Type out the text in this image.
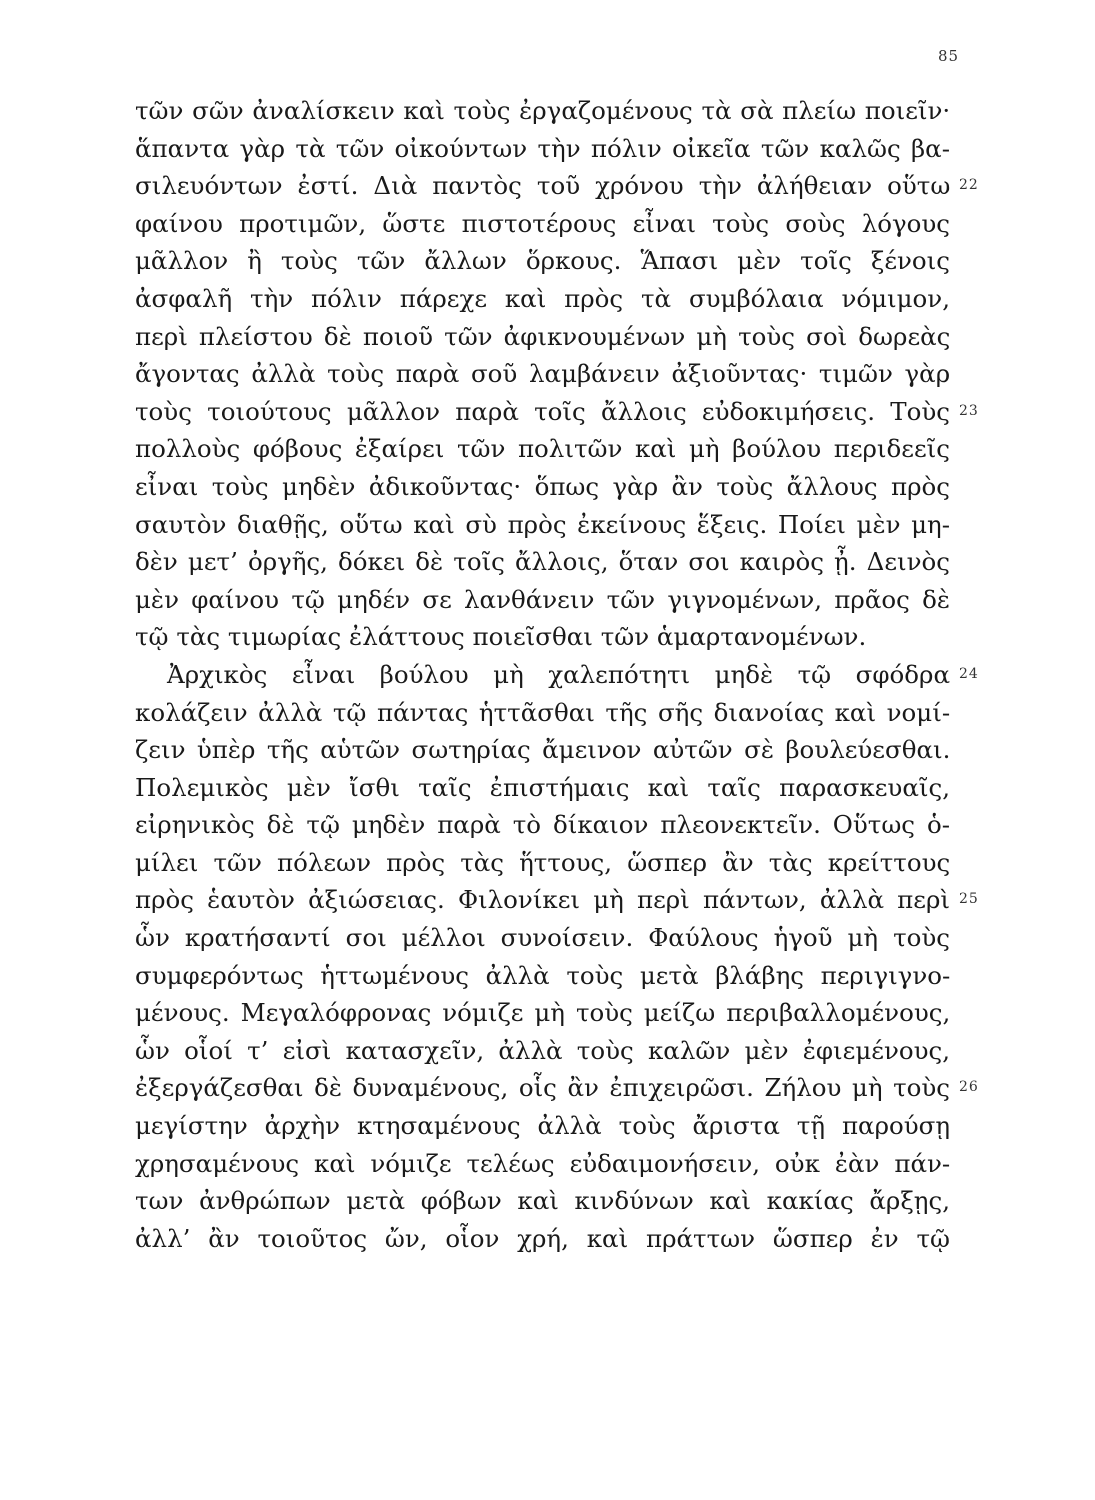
85
τῶν σῶν ἀναλίσκειν καὶ τοὺς ἐργαζομένους τὰ σὰ πλείω ποιεῖν·
ἅπαντα γὰρ τὰ τῶν οἰκούντων τὴν πόλιν οἰκεῖα τῶν καλῶς βα-
σιλευόντων ἐστί. Διὰ παντὸς τοῦ χρόνου τὴν ἀλήθειαν οὕτω 22
φαίνου προτιμῶν, ὥστε πιστοτέρους εἶναι τοὺς σοὺς λόγους
μᾶλλον ἢ τοὺς τῶν ἄλλων ὅρκους. Ἅπασι μὲν τοῖς ξένοις
ἀσφαλῆ τὴν πόλιν πάρεχε καὶ πρὸς τὰ συμβόλαια νόμιμον,
περὶ πλείστου δὲ ποιοῦ τῶν ἀφικνουμένων μὴ τοὺς σοὶ δωρεὰς
ἄγοντας ἀλλὰ τοὺς παρὰ σοῦ λαμβάνειν ἀξιοῦντας· τιμῶν γὰρ
τοὺς τοιούτους μᾶλλον παρὰ τοῖς ἄλλοις εὐδοκιμήσεις. Τοὺς 23
πολλοὺς φόβους ἐξαίρει τῶν πολιτῶν καὶ μὴ βούλου περιδεεῖς
εἶναι τοὺς μηδὲν ἀδικοῦντας· ὅπως γὰρ ἂν τοὺς ἄλλους πρὸς
σαυτὸν διαθῇς, οὕτω καὶ σὺ πρὸς ἐκείνους ἕξεις. Ποίει μὲν μη-
δὲν μετ’ ὀργῆς, δόκει δὲ τοῖς ἄλλοις, ὅταν σοι καιρὸς ᾖ. Δεινὸς
μὲν φαίνου τῷ μηδέν σε λανθάνειν τῶν γιγνομένων, πρᾶος δὲ
τῷ τὰς τιμωρίας ἐλάττους ποιεῖσθαι τῶν ἁμαρτανομένων.
Ἀρχικὸς εἶναι βούλου μὴ χαλεπότητι μηδὲ τῷ σφόδρα 24
κολάζειν ἀλλὰ τῷ πάντας ἡττᾶσθαι τῆς σῆς διανοίας καὶ νομί-
ζειν ὑπὲρ τῆς αὑτῶν σωτηρίας ἄμεινον αὐτῶν σὲ βουλεύεσθαι.
Πολεμικὸς μὲν ἴσθι ταῖς ἐπιστήμαις καὶ ταῖς παρασκευαῖς,
εἰρηνικὸς δὲ τῷ μηδὲν παρὰ τὸ δίκαιον πλεονεκτεῖν. Οὕτως ὁ-
μίλει τῶν πόλεων πρὸς τὰς ἥττους, ὥσπερ ἂν τὰς κρείττους
πρὸς ἑαυτὸν ἀξιώσειας. Φιλονίκει μὴ περὶ πάντων, ἀλλὰ περὶ 25
ὧν κρατήσαντί σοι μέλλοι συνοίσειν. Φαύλους ἡγοῦ μὴ τοὺς
συμφερόντως ἡττωμένους ἀλλὰ τοὺς μετὰ βλάβης περιγιγνο-
μένους. Μεγαλόφρονας νόμιζε μὴ τοὺς μείζω περιβαλλομένους,
ὧν οἷοί τ’ εἰσὶ κατασχεῖν, ἀλλὰ τοὺς καλῶν μὲν ἐφιεμένους,
ἐξεργάζεσθαι δὲ δυναμένους, οἷς ἂν ἐπιχειρῶσι. Ζήλου μὴ τοὺς 26
μεγίστην ἀρχὴν κτησαμένους ἀλλὰ τοὺς ἄριστα τῇ παρούσῃ
χρησαμένους καὶ νόμιζε τελέως εὐδαιμονήσειν, οὐκ ἐὰν πάν-
των ἀνθρώπων μετὰ φόβων καὶ κινδύνων καὶ κακίας ἄρξῃς,
ἀλλ’ ἂν τοιοῦτος ὤν, οἷον χρή, καὶ πράττων ὥσπερ ἐν τῷ
